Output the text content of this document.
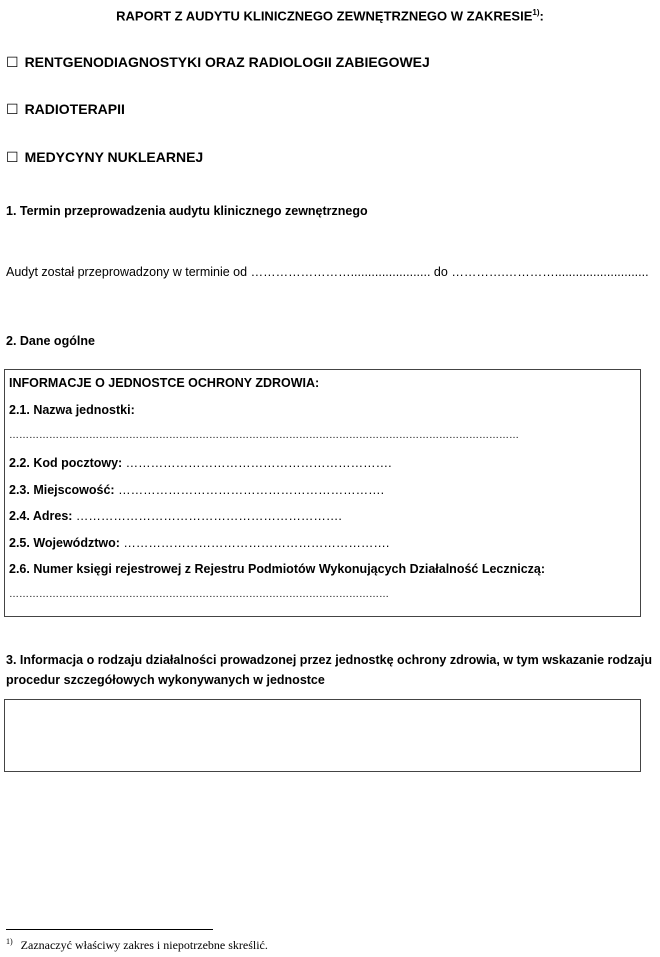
RAPORT Z AUDYTU KLINICZNEGO ZEWNĘTRZNEGO W ZAKRESIE$^{1)}$:
☐ RENTGENODIAGNOSTYKI ORAZ RADIOLOGII ZABIEGOWEJ
☐ RADIOTERAPII
☐ MEDYCYNY NUKLEARNEJ
1. Termin przeprowadzenia audytu klinicznego zewnętrznego
Audyt został przeprowadzony w terminie od ……………………....................... do ………….…………...........................
2. Dane ogólne
INFORMACJE O JEDNOSTCE OCHRONY ZDROWIA:
2.1. Nazwa jednostki:
………………………………………………………………………………………………………………………………………
2.2. Kod pocztowy: ……………………………………………………….
2.3. Miejscowość: ……………………………………………………….
2.4. Adres: ……………………………………………………….
2.5. Województwo: ……………………………………………………….
2.6. Numer księgi rejestrowej z Rejestru Podmiotów Wykonujących Działalność Leczniczą:
……………………………………………………………………………………………………
3. Informacja o rodzaju działalności prowadzonej przez jednostkę ochrony zdrowia, w tym wskazanie rodzaju procedur szczegółowych wykonywanych w jednostce
$^{1)}$ Zaznaczyć właściwy zakres i niepotrzebne skreślić.
